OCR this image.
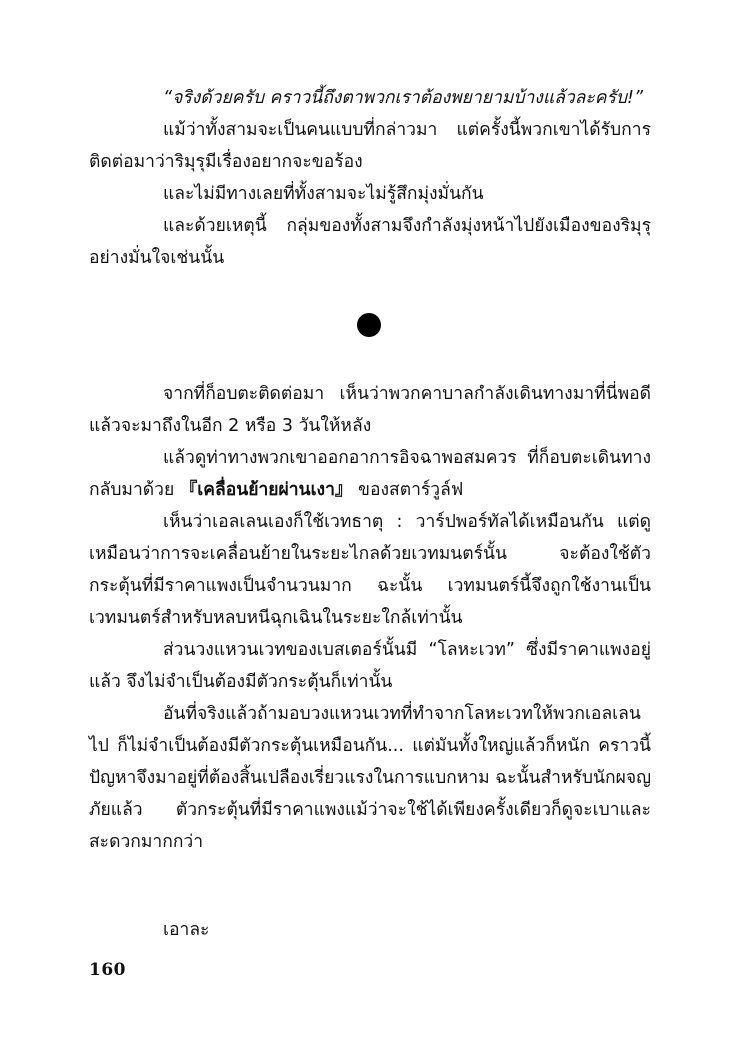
“จริงด้วยครับ คราวนี้ถึงตาพวกเราต้องพยายามบ้างแล้วละครับ!”

แม้ว่าทั้งสามจะเป็นคนแบบที่กล่าวมา แต่ครั้งนี้พวกเขาได้รับการติดต่อมาว่าริมุรุมีเรื่องอยากจะขอร้อง

และไม่มีทางเลยที่ทั้งสามจะไม่รู้สึกมุ่งมั่นกัน

และด้วยเหตุนี้ กลุ่มของทั้งสามจึงกำลังมุ่งหน้าไปยังเมืองของริมุรุอย่างมั่นใจเช่นนั้น

จากที่ก็อบตะติดต่อมา เห็นว่าพวกคาบาลกำลังเดินทางมาที่นี่พอดี แล้วจะมาถึงในอีก 2 หรือ 3 วันให้หลัง

แล้วดูท่าทางพวกเขาออกอาการอิจฉาพอสมควร ที่ก็อบตะเดินทางกลับมาด้วย 『เคลื่อนย้ายผ่านเงา』 ของสตาร์วูล์ฟ

เห็นว่าเอลเลนเองก็ใช้เวทธาตุ : วาร์ปพอร์ทัลได้เหมือนกัน แต่ดูเหมือนว่าการจะเคลื่อนย้ายในระยะไกลด้วยเวทมนตร์นั้น จะต้องใช้ตัวกระตุ้นที่มีราคาแพงเป็นจำนวนมาก ฉะนั้น เวทมนตร์นี้จึงถูกใช้งานเป็นเวทมนตร์สำหรับหลบหนีฉุกเฉินในระยะใกล้เท่านั้น

ส่วนวงแหวนเวทของเบสเตอร์นั้นมี “โลหะเวท” ซึ่งมีราคาแพงอยู่แล้ว จึงไม่จำเป็นต้องมีตัวกระตุ้นก็เท่านั้น

อันที่จริงแล้วถ้ามอบวงแหวนเวทที่ทำจากโลหะเวทให้พวกเอลเลนไป ก็ไม่จำเป็นต้องมีตัวกระตุ้นเหมือนกัน... แต่มันทั้งใหญ่แล้วก็หนัก คราวนี้ปัญหาจึงมาอยู่ที่ต้องสิ้นเปลืองเรี่ยวแรงในการแบกหาม ฉะนั้นสำหรับนักผจญภัยแล้ว ตัวกระตุ้นที่มีราคาแพงแม้ว่าจะใช้ได้เพียงครั้งเดียวก็ดูจะเบาและสะดวกมากกว่า

เอาละ

160
